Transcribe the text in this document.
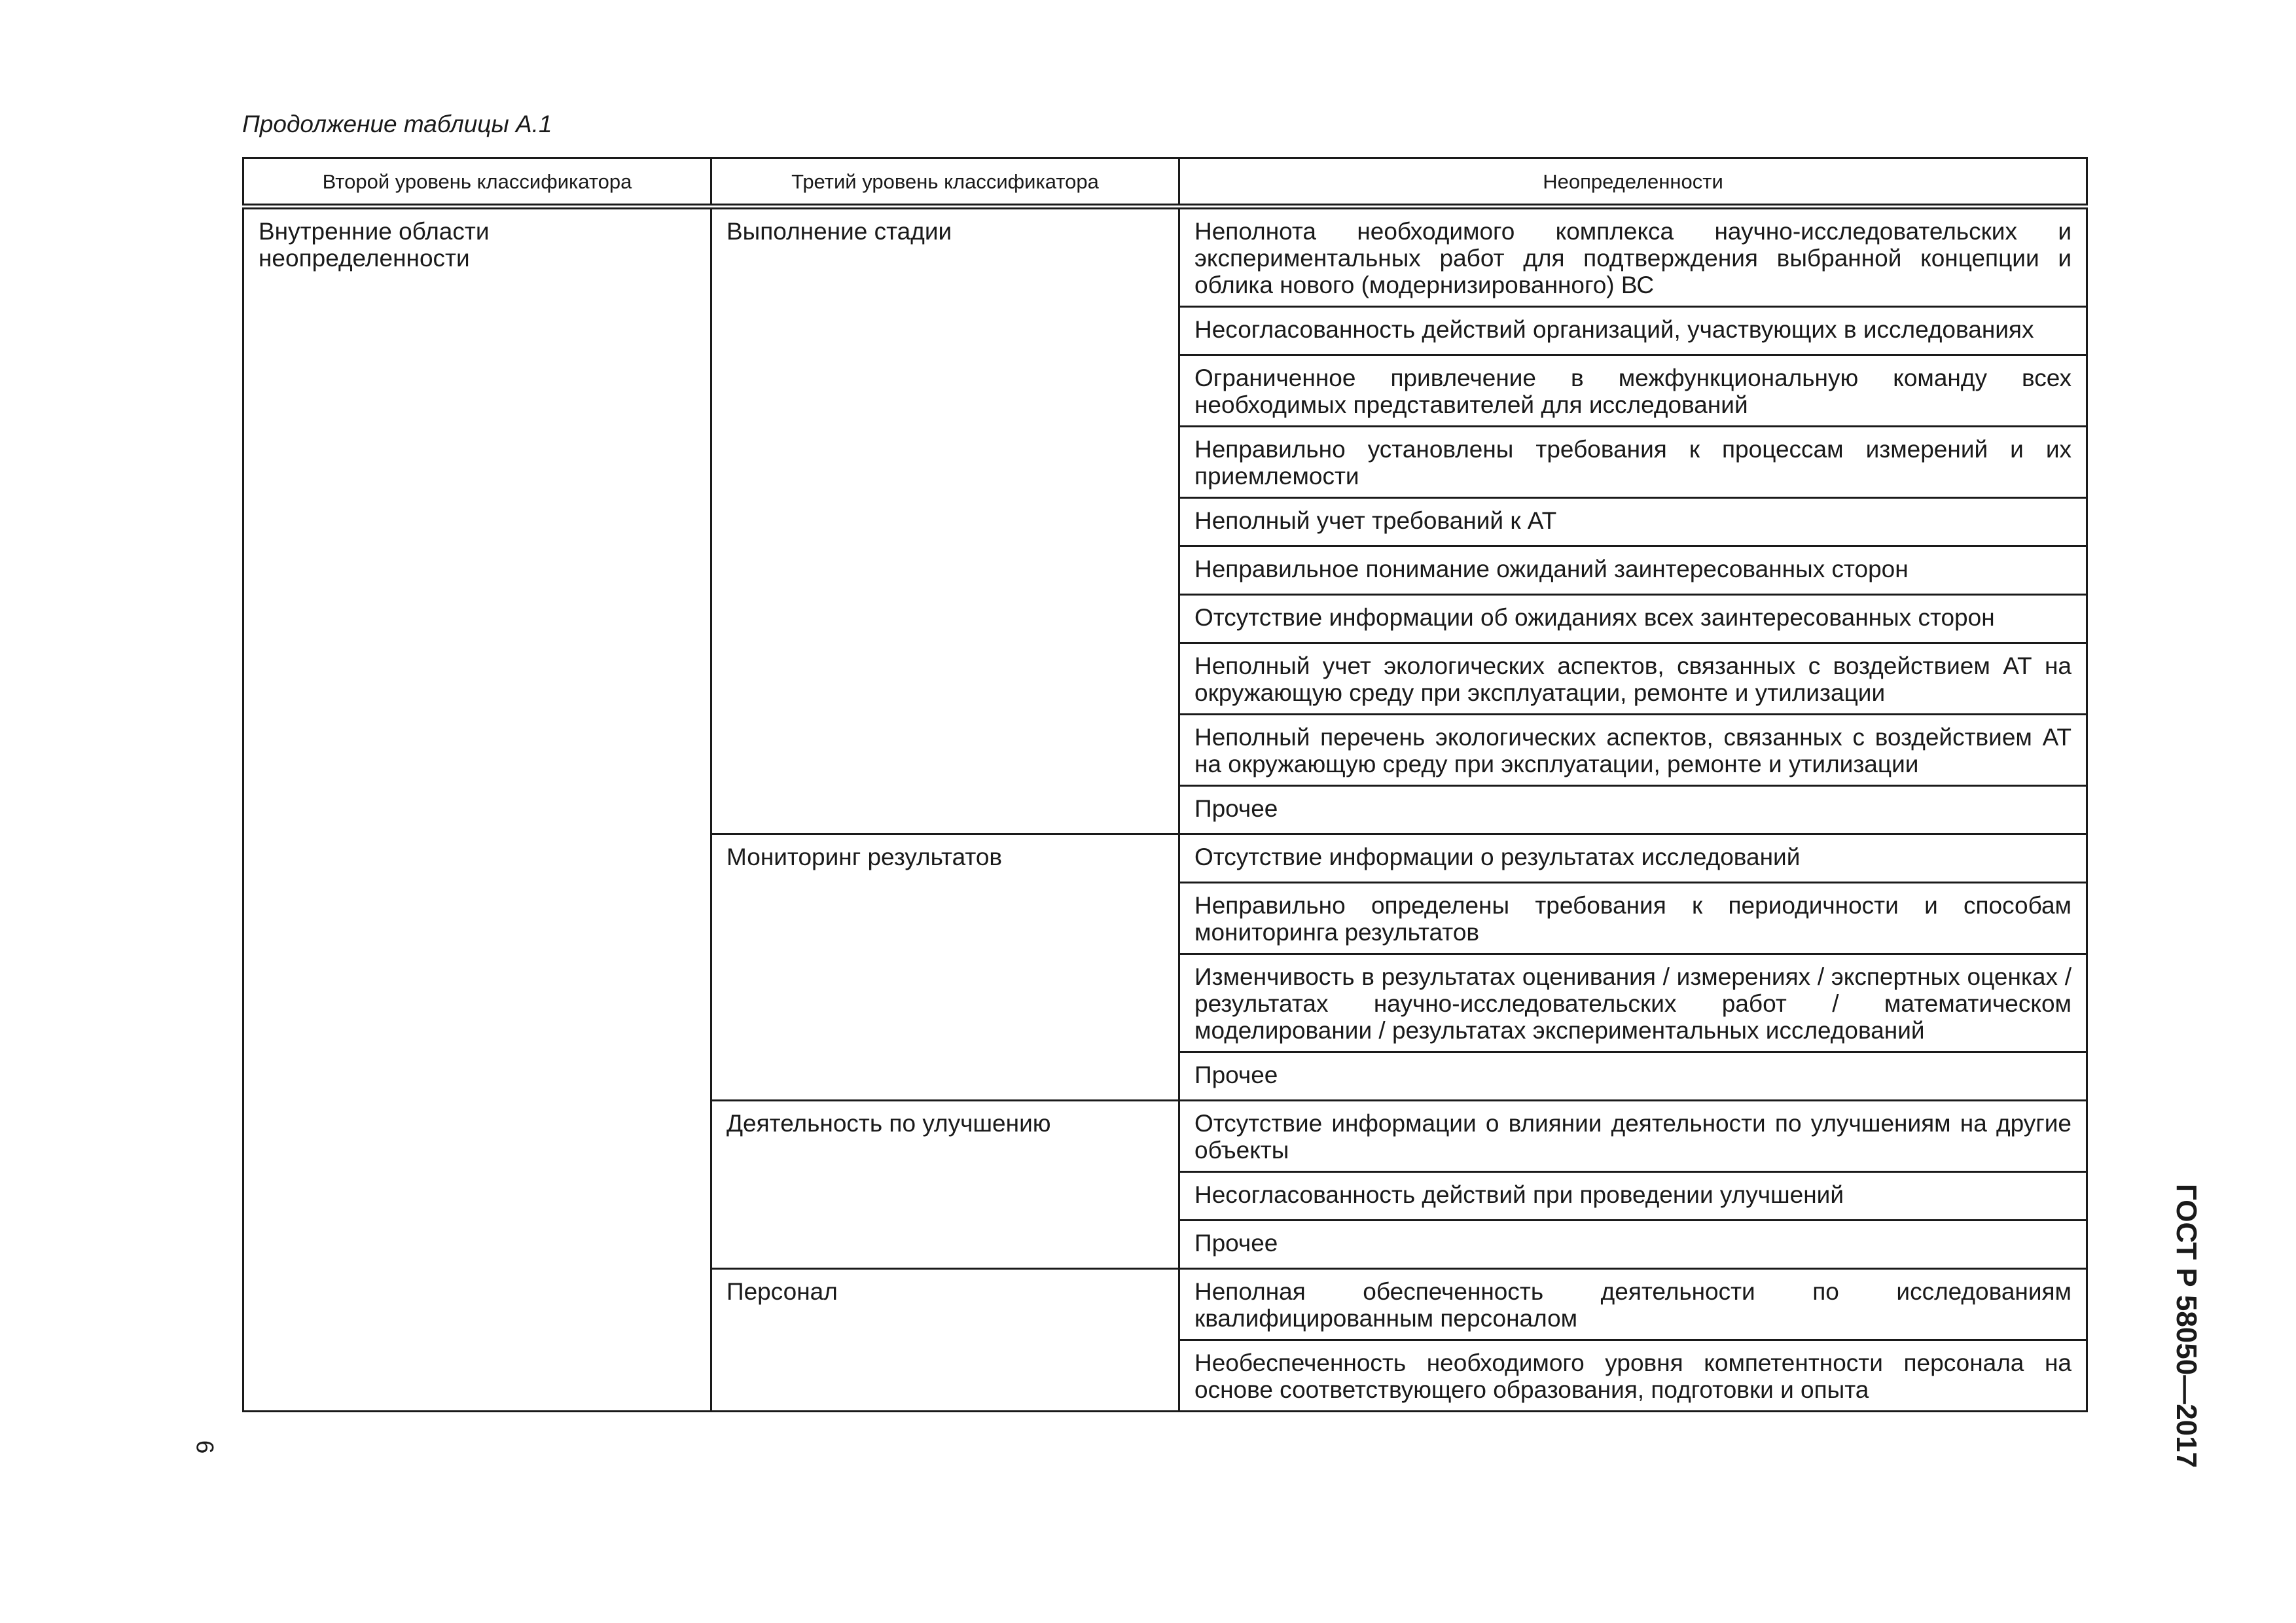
Продолжение таблицы А.1
Второй уровень классификатора	Третий уровень классификатора	Неопределенности
Внутренние области неопределенности	Выполнение стадии	Неполнота необходимого комплекса научно-исследовательских и экспериментальных работ для подтверждения выбранной концепции и облика нового (модернизированного) ВС
		Несогласованность действий организаций, участвующих в исследованиях
		Ограниченное привлечение в межфункциональную команду всех необходимых представителей для исследований
		Неправильно установлены требования к процессам измерений и их приемлемости
		Неполный учет требований к АТ
		Неправильное понимание ожиданий заинтересованных сторон
		Отсутствие информации об ожиданиях всех заинтересованных сторон
		Неполный учет экологических аспектов, связанных с воздействием АТ на окружающую среду при эксплуатации, ремонте и утилизации
		Неполный перечень экологических аспектов, связанных с воздействием АТ на окружающую среду при эксплуатации, ремонте и утилизации
		Прочее
	Мониторинг результатов	Отсутствие информации о результатах исследований
		Неправильно определены требования к периодичности и способам мониторинга результатов
		Изменчивость в результатах оценивания / измерениях / экспертных оценках / результатах научно-исследовательских работ / математическом моделировании / результатах экспериментальных исследований
		Прочее
	Деятельность по улучшению	Отсутствие информации о влиянии деятельности по улучшениям на другие объекты
		Несогласованность действий при проведении улучшений
		Прочее
	Персонал	Неполная обеспеченность деятельности по исследованиям квалифицированным персоналом
		Необеспеченность необходимого уровня компетентности персонала на основе соответствующего образования, подготовки и опыта
6	ГОСТ Р 58050—2017
